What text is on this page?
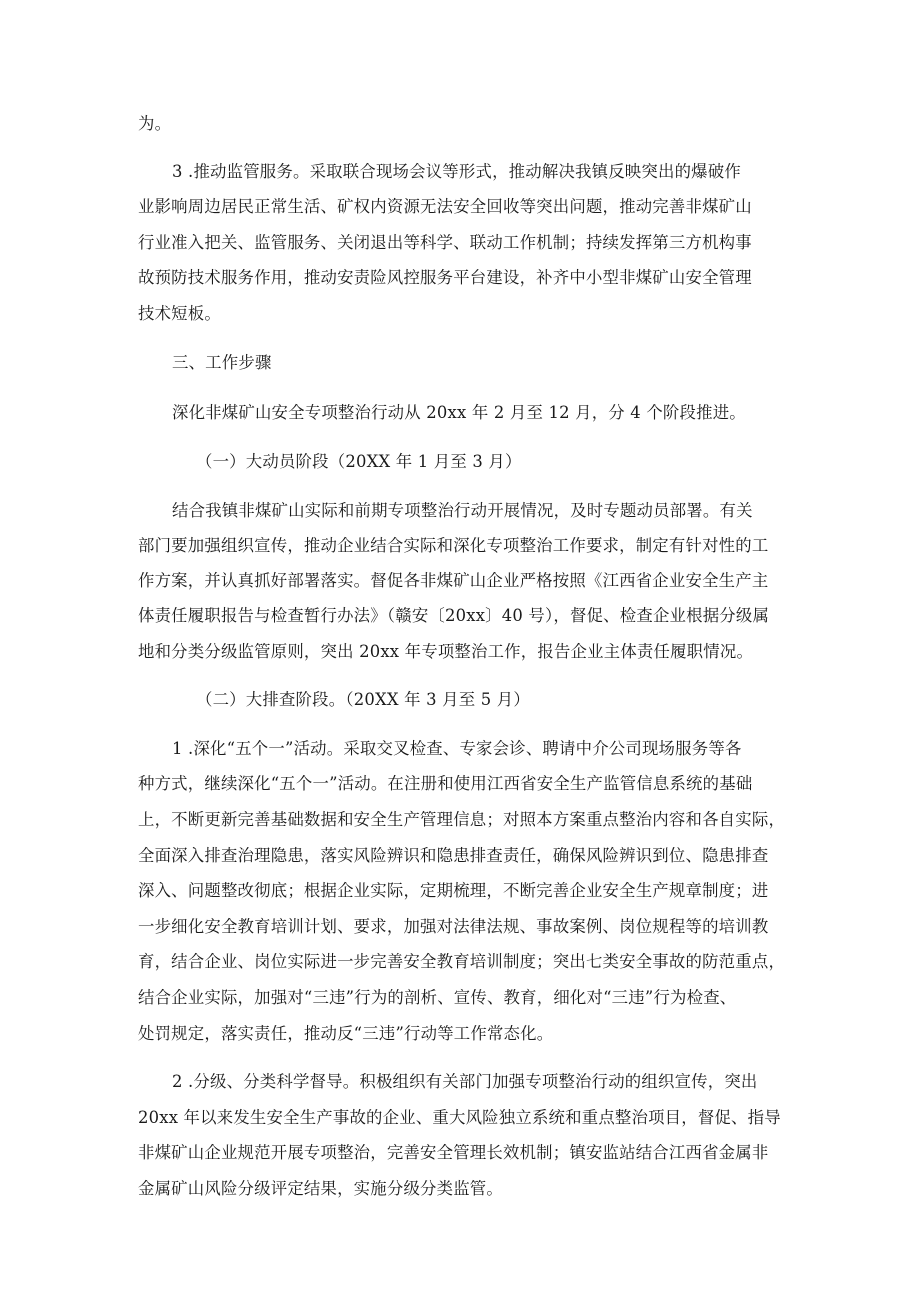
为。
3 .推动监管服务。采取联合现场会议等形式，推动解决我镇反映突出的爆破作
业影响周边居民正常生活、矿权内资源无法安全回收等突出问题，推动完善非煤矿山
行业准入把关、监管服务、关闭退出等科学、联动工作机制；持续发挥第三方机构事
故预防技术服务作用，推动安责险风控服务平台建设，补齐中小型非煤矿山安全管理
技术短板。
三、工作步骤
深化非煤矿山安全专项整治行动从 20xx 年 2 月至 12 月，分 4 个阶段推进。
（一）大动员阶段（20XX 年 1 月至 3 月）
结合我镇非煤矿山实际和前期专项整治行动开展情况，及时专题动员部署。有关
部门要加强组织宣传，推动企业结合实际和深化专项整治工作要求，制定有针对性的工
作方案，并认真抓好部署落实。督促各非煤矿山企业严格按照《江西省企业安全生产主
体责任履职报告与检查暂行办法》（赣安〔20xx〕40 号），督促、检查企业根据分级属
地和分类分级监管原则，突出 20xx 年专项整治工作，报告企业主体责任履职情况。
（二）大排查阶段。（20XX 年 3 月至 5 月）
1 .深化“五个一”活动。采取交叉检查、专家会诊、聘请中介公司现场服务等各
种方式，继续深化“五个一”活动。在注册和使用江西省安全生产监管信息系统的基础
上，不断更新完善基础数据和安全生产管理信息；对照本方案重点整治内容和各自实际，
全面深入排查治理隐患，落实风险辨识和隐患排查责任，确保风险辨识到位、隐患排查
深入、问题整改彻底；根据企业实际，定期梳理，不断完善企业安全生产规章制度；进
一步细化安全教育培训计划、要求，加强对法律法规、事故案例、岗位规程等的培训教
育，结合企业、岗位实际进一步完善安全教育培训制度；突出七类安全事故的防范重点，
结合企业实际，加强对“三违”行为的剖析、宣传、教育，细化对“三违”行为检查、
处罚规定，落实责任，推动反“三违”行动等工作常态化。
2 .分级、分类科学督导。积极组织有关部门加强专项整治行动的组织宣传，突出
20xx 年以来发生安全生产事故的企业、重大风险独立系统和重点整治项目，督促、指导
非煤矿山企业规范开展专项整治，完善安全管理长效机制；镇安监站结合江西省金属非
金属矿山风险分级评定结果，实施分级分类监管。
